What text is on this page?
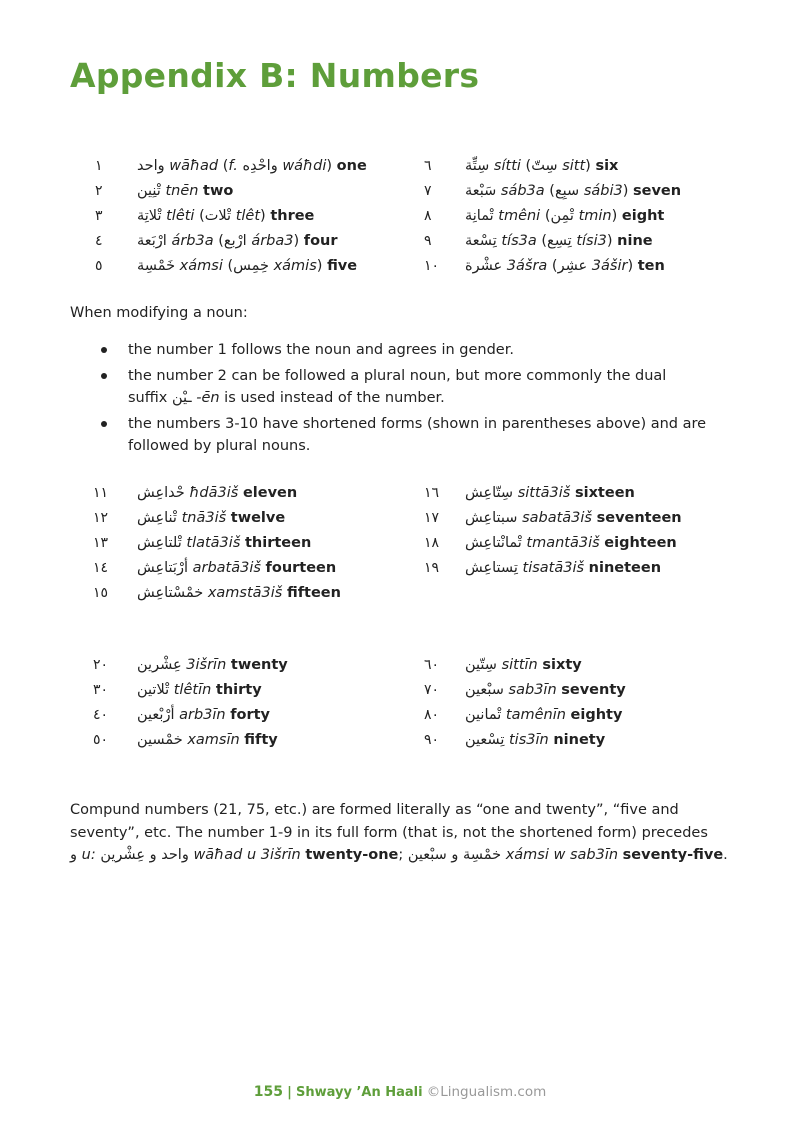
Appendix B: Numbers
١	واحد wāħad (f. واحْدِه wáħdi) one
٢	تْنِين tnēn two
٣	تْلاتِة tlêti (تْلات tlêt) three
٤	ارْبَعة árb3a (ارْبع árba3) four
٥	خَمْسِة xámsi (خِمِس xámis) five
٦	سِتِّة sítti (سِتّ sitt) six
٧	سَبْعة sáb3a (سبِع sábi3) seven
٨	تْمانِة tmêni (تْمِن tmin) eight
٩	تِسْعة tís3a (تِسِع tísi3) nine
١٠	عشْرة 3ášra (عشِر 3ášir) ten

When modifying a noun:

the number 1 follows the noun and agrees in gender.
the number 2 can be followed a plural noun, but more commonly the dual suffix ـيْن -ēn is used instead of the number.
the numbers 3-10 have shortened forms (shown in parentheses above) and are followed by plural nouns.
١١	حْداعِش ħdā3iš eleven
١٢	تْناعِش tnā3iš twelve
١٣	تْلتاعِش tlatā3iš thirteen
١٤	أرْبَتاعِش arbatā3iš fourteen
١٥	خمْسْتاعِش xamstā3iš fifteen
١٦	سِتّاعِش sittā3iš sixteen
١٧	سبتاعِش sabatā3iš seventeen
١٨	تْمانْتاعِش tmantā3iš eighteen
١٩	تِستاعِش tisatā3iš nineteen
٢٠	عِشْرين 3išrīn twenty
٣٠	تْلاتين tlêtīn thirty
٤٠	أرْبْعين arb3īn forty
٥٠	خمْسين xamsīn fifty
٦٠	سِتّين sittīn sixty
٧٠	سبْعين sab3īn seventy
٨٠	تْمانين tamênīn eighty
٩٠	تِسْعين tis3īn ninety

Compund numbers (21, 75, etc.) are formed literally as “one and twenty”, “five and
seventy”, etc. The number 1-9 in its full form (that is, not the shortened form) precedes
و u: واحد و عِشْرين wāħad u 3išrīn twenty-one; خمْسِة و سبْعين xámsi w sab3īn seventy-five.

155 | Shwayy ’An Haali ©Lingualism.com
